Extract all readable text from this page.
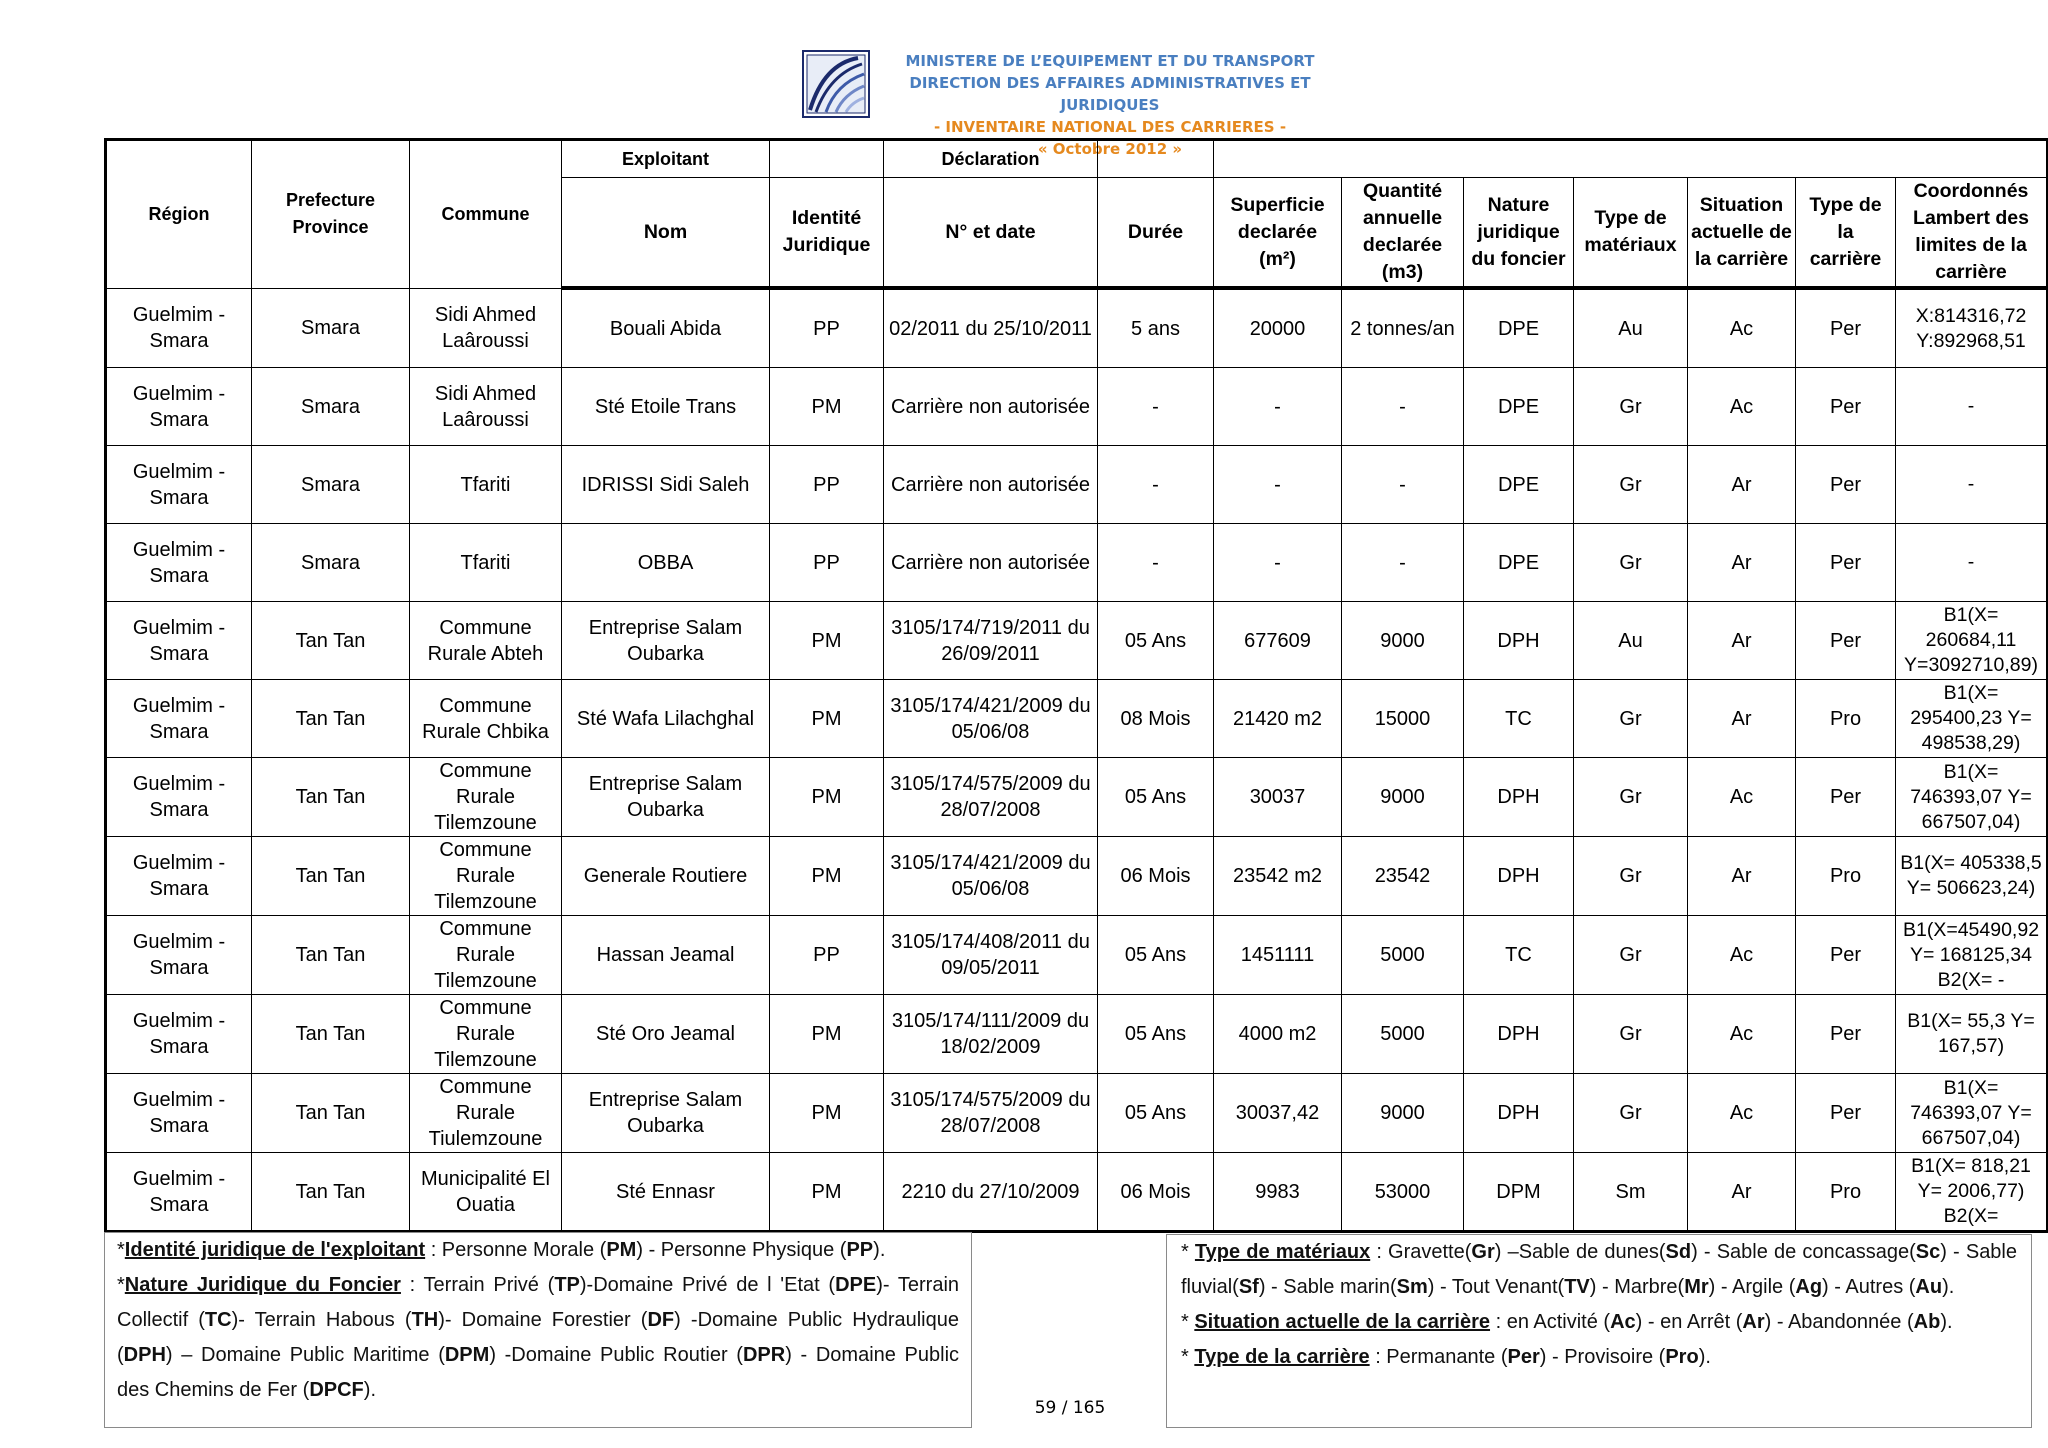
MINISTERE DE L’EQUIPEMENT ET DU TRANSPORT
DIRECTION DES AFFAIRES ADMINISTRATIVES ET JURIDIQUES
- INVENTAIRE NATIONAL DES CARRIERES -
« Octobre 2012 »
Région	Prefecture Province	Commune	Exploitant		Déclaration								
			Nom	Identité Juridique	N° et date	Durée	Superficie declarée (m²)	Quantité annuelle declarée (m3)	Nature juridique du foncier	Type de matériaux	Situation actuelle de la carrière	Type de la carrière	Coordonnés Lambert des limites de la carrière
Guelmim - Smara	Smara	Sidi Ahmed Laâroussi	Bouali Abida	PP	02/2011 du 25/10/2011	5 ans	20000	2 tonnes/an	DPE	Au	Ac	Per	X:814316,72 Y:892968,51
Guelmim - Smara	Smara	Sidi Ahmed Laâroussi	Sté Etoile Trans	PM	Carrière non autorisée	-	-	-	DPE	Gr	Ac	Per	-
Guelmim - Smara	Smara	Tfariti	IDRISSI Sidi Saleh	PP	Carrière non autorisée	-	-	-	DPE	Gr	Ar	Per	-
Guelmim - Smara	Smara	Tfariti	OBBA	PP	Carrière non autorisée	-	-	-	DPE	Gr	Ar	Per	-
Guelmim - Smara	Tan Tan	Commune Rurale Abteh	Entreprise Salam Oubarka	PM	3105/174/719/2011 du 26/09/2011	05 Ans	677609	9000	DPH	Au	Ar	Per	B1(X= 260684,11 Y=3092710,89)
Guelmim - Smara	Tan Tan	Commune Rurale Chbika	Sté Wafa Lilachghal	PM	3105/174/421/2009 du 05/06/08	08 Mois	21420 m2	15000	TC	Gr	Ar	Pro	B1(X= 295400,23 Y= 498538,29)
Guelmim - Smara	Tan Tan	Commune Rurale Tilemzoune	Entreprise Salam Oubarka	PM	3105/174/575/2009 du 28/07/2008	05 Ans	30037	9000	DPH	Gr	Ac	Per	B1(X= 746393,07 Y= 667507,04)
Guelmim - Smara	Tan Tan	Commune Rurale Tilemzoune	Generale Routiere	PM	3105/174/421/2009 du 05/06/08	06 Mois	23542 m2	23542	DPH	Gr	Ar	Pro	B1(X= 405338,5 Y= 506623,24)
Guelmim - Smara	Tan Tan	Commune Rurale Tilemzoune	Hassan Jeamal	PP	3105/174/408/2011 du 09/05/2011	05 Ans	1451111	5000	TC	Gr	Ac	Per	B1(X=45490,92 Y= 168125,34 B2(X= -
Guelmim - Smara	Tan Tan	Commune Rurale Tilemzoune	Sté Oro Jeamal	PM	3105/174/111/2009 du 18/02/2009	05 Ans	4000 m2	5000	DPH	Gr	Ac	Per	B1(X= 55,3 Y= 167,57)
Guelmim - Smara	Tan Tan	Commune Rurale Tiulemzoune	Entreprise Salam Oubarka	PM	3105/174/575/2009 du 28/07/2008	05 Ans	30037,42	9000	DPH	Gr	Ac	Per	B1(X= 746393,07 Y= 667507,04)
Guelmim - Smara	Tan Tan	Municipalité El Ouatia	Sté Ennasr	PM	2210 du 27/10/2009	06 Mois	9983	53000	DPM	Sm	Ar	Pro	B1(X= 818,21 Y= 2006,77) B2(X=
*Identité juridique de l'exploitant : Personne Morale (PM) - Personne Physique (PP).
*Nature Juridique du Foncier : Terrain Privé (TP)-Domaine Privé de l 'Etat (DPE)- Terrain Collectif (TC)- Terrain Habous (TH)- Domaine Forestier (DF) -Domaine Public Hydraulique (DPH) – Domaine Public Maritime (DPM) -Domaine Public Routier (DPR) - Domaine Public des Chemins de Fer (DPCF).
* Type de matériaux : Gravette(Gr) –Sable de dunes(Sd) - Sable de concassage(Sc) - Sable fluvial(Sf) - Sable marin(Sm) - Tout Venant(TV) - Marbre(Mr) - Argile (Ag) - Autres (Au).
* Situation actuelle de la carrière : en Activité (Ac) - en Arrêt (Ar) - Abandonnée (Ab).
* Type de la carrière : Permanante (Per) - Provisoire (Pro).
59 / 165
